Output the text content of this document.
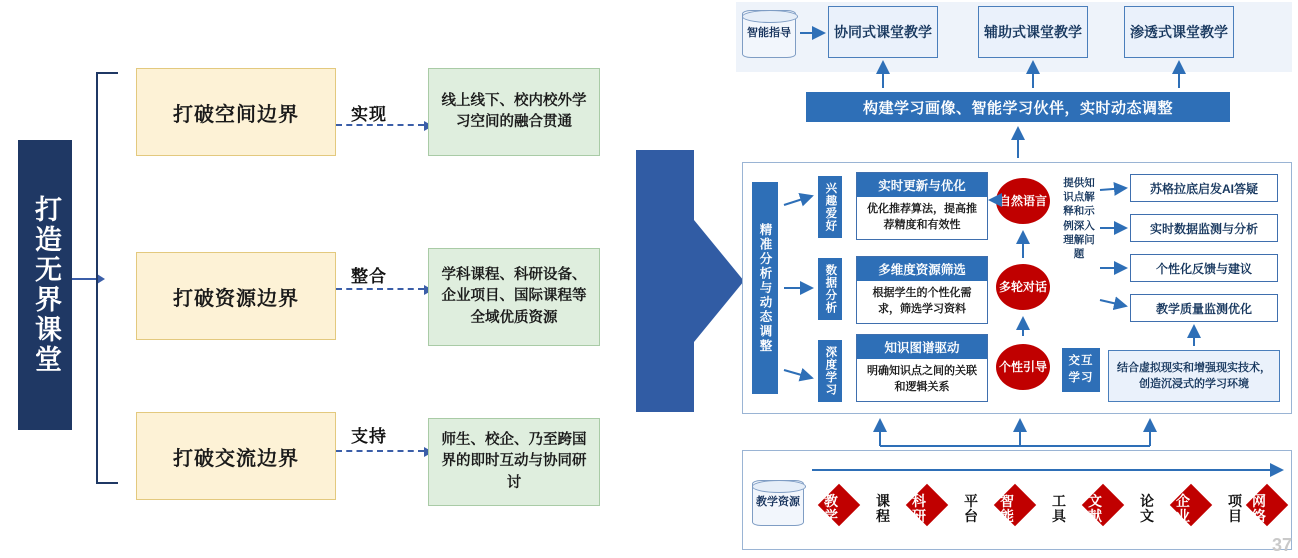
打造无界课堂
打破空间边界	实现
线上线下、校内校外学习空间的融合贯通
打破资源边界
整合	学科课程、科研设备、企业项目、国际课程等全域优质资源
打破交流边界
支持	师生、校企、乃至跨国界的即时互动与协同研讨
智能指导	协同式课堂教学	辅助式课堂教学	渗透式课堂教学
构建学习画像、智能学习伙伴，实时动态调整
精准分析与动态调整
兴趣爱好
数据分析
深度学习
实时更新与优化
优化推荐算法，提高推荐精度和有效性
多维度资源筛选
根据学生的个性化需求，筛选学习资料
知识图谱驱动
明确知识点之间的关联和逻辑关系
自然语言
多轮对话
个性引导
提供知识点解释和示例深入理解问题
交互学习
苏格拉底启发AI答疑
实时数据监测与分析
个性化反馈与建议
教学质量监测优化
结合虚拟现实和增强现实技术，创造沉浸式的学习环境
教学资源 教学
课程
科研
平台
智能
工具
文献
论文
企业
项目
网络
37
